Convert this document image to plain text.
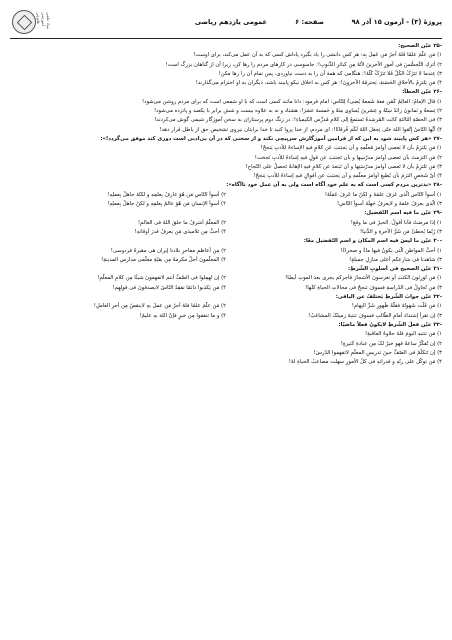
پروژهٔ (۳) - آزمون ۱۵ آذر ۹۸
عمومی یازدهم ریاضی	صفحه: ۶
بنیاد علمی آموزشی قلم‌چی
-۲۵ عيّن الصحيح:
۱) مَن علّمَ علمًا فَلهُ أجرُ مَن عَمِلَ بِه: هر کس دانشی را یاد بگیرد پاداش کسی که به آن عمل می‌کند، برای اوست!
۲) أَتركِ التَّجسُّسَ فی أمورِ الآخرینَ لأنّهُ مِن کبائرِ الذُّنوبِ!: جاسوسی در کارهای مردم را رها کن، زیرا آن از گناهان بزرگ است!
۳) عِندما لا تَترُکُ الکُلَّ فَلا تَترُکْ کُلَّهُ!: هنگامی که همهٔ آن را به دست نیاوردی، پس تمام آن را رها مکن!
۴) مَن یَلتزِمُ بالأخلاقِ الحَسَنةِ، یَحترمُهُ الآخرونَ!: هر کس به اخلاق نیکو پایبند باشد، دیگران به او احترام می‌گذارند!
-۲۶ عيّن الخطأ:
۱) قالَ الإمامُ: العالِمُ کَمَن مَعهُ شَمعةٌ یُضیءُ لِلنّاسِ: امام فرمود: دانا مانند کسی است که با او شمعی است که برای مردم روشن می‌شود!
۲) تِسعةٌ و ثمانونَ زائدٌ سِتّةٌ و عِشرینَ یُساوی مِئةً و خَمسةَ عشرَ!: هشتاد و نه به علاوه بیست و شش برابر با یکصد و پانزده می‌شود!
۳) فی الحصّةِ الثالثةِ کانَت المُرشِدةُ تَستمعُ إلی کلامِ مُدرِّسِ الکیمیاءِ!: در زنگ دوم پرستاران به سخن آموزگار شیمی گوش می‌کردند!
۴) أیُّها النّاسُ إِتَّقوا اللهَ حَتّی یَجعَلَ اللهُ لَکُم فُرقانًا!: ای مردم، از خدا پروا کنید تا خدا برایتان نیروی تشخیص حق از باطل قرار دهد!
-۲۷ «هر کس پایبند شود به این که از فرامین آموزگارش سرپیچی نکند و از سخنی که در آن بی‌ادبی است دوری کند موفق می‌گردد!»:
۱) مَن یَلتزِمُ بأن لا یَعصی أوامرَ مُعلّمِهِ و أن یَجتنبَ عَن کلامٍ فیهِ الإساءةُ للأدبِ یَنجحُ!
۲) مَن التزمتَ بأن تَعصی أوامرَ مدرّسِها و بأن تَجتنبَ عن قولٍ فیهِ إساءةٌ للأدبِ نَجحَت!
۳) مَن تَلتزِمُ بأن لا تَعصی أوامرَ مدرّسَتِها و أن تَبتعدَ عن کلامٍ فیهِ الإهانةُ تَحصلُ علی النّجاحِ!
۴) أیّ شَخصٍ التزمَ بأن یُطیعَ أوامرَ معلّمهِ و أن یَجتنبَ عن أقوالٍ فیهِ إساءةٌ للأدبِ یَنجحُ!
-۲۸ «بدترین مردم کسی است که به علم خود آگاه است ولی به آن عمل خود ناآگاه»:
۱) أسوأُ النّاسِ الّذی عَرفَ علمَهُ و لکنّ ما عَرفَ عَمَلَهُ!
۲) أسوأُ النّاسِ مَن هُوَ عارفٌ بِعلمِهِ و لکنّهُ جاهلٌ بِعملِهِ!
۳) الّذی یعرفُ علمَهُ و لایعرفُ جَهلَهُ أسوأُ النّاسِ!
۴) أسوأُ الإنسانِ مَن هُوَ عالمٌ بِعلمِهِ و لکنْ جاهلٌ بِعملِهِ!
-۲۹ عيّن ما فیه اسم التّفضیل:
۱) إذا مرضتُ فأنا أقولُ: الخیرُ فی ما وقعَ!
۲) المعلّمُ أشرفُ ما خلقَ اللهُ فی العالمِ!
۳) رُبّما یُخطئُ مَن شَرَّ الأخرةِ و الدُّنیا!
۴) أحبُّ مِن تلامیذی مَن یعرفُ قدرَ أوقاتهِ!
-۳۰ عيّن ما لیسَ فیه اسم المکان و اسم التّفضیل معًا:
۱) أحبُّ المواطنِ الّتی یکونُ فیها ماءٌ و صحراءٌ!
۲) مِن أعاظمِ مفاخرِ بلادنا إیران هی مقبرةُ فردوسی!
۳) شاهدنا فی شارعکم أعلی منازلِ جمیلةٍ!
۴) المعلّمونَ أجلُّ مکرمةً مِن بقیّةِ معلّمی مدارسِ المدینةِ!
-۳۱ عيّن الصحیح فی أسلوبِ الشّرطِ:
۱) مَن تُورِثونَ الکتبَ أو تغرسونَ الأشجارَ فأجرکم یجری بعدَ الموتِ أیضًا!
۲) إن تُهمِلوا فی الصّفِّ أنتم لاتفهمونَ شیئًا مِن کلامِ المعلّمِ!
۳) مَن تُحاولُ فی الدّراسةِ فسوفَ تنجحُ فی مجالاتِ الحیاةِ کلِّها!
۴) مَن یَکذبوا دائمًا تفقِدُ النّاسُ لایصدقونَ فی قولِهِم!
-۳۲ عيّن جوابَ الشّرطِ یَختلفُ عن الباقی:
۱) مَن قَلَّت شَهوتُهُ فقلّةُ ظُهورِ شَرِّ الیِهامِ!
۲) مَن علّمَ علمًا فلهُ أجرُ مَن عملَ بهِ لاینقصُ مِن أجرِ العاملِ!
۳) إن تقرأ إشتدادَ أمامِ الطّالبِ فسوفَ تنتبهُ زمیلکَ المشاغبُ!
۴) و ما تنفقوا مِن خیرٍ فإنّ اللهَ بهِ علیمٌ!
-۳۳ عيّن فعلَ الشّرطِ لایکونُ فعلاً ماضیًا:
۱) مَن تنتبهِ الیومَ فلهُ حلاوةُ العاقبةِ!
۲) إن تُفکّرْ ساعةً فهو خیرٌ لکَ مِن عبادةِ کثیرةٍ!
۳) إن تَتکلّمْ فی الصّفِّ حینَ تدریسِ المعلّمِ لاتفهموا الدّرسَ!
۴) مَن توکّل علی ربّهِ و قدراتهِ فی کلِّ الأمورِ سهلت مصاعبُ الحیاةِ لهُ!
